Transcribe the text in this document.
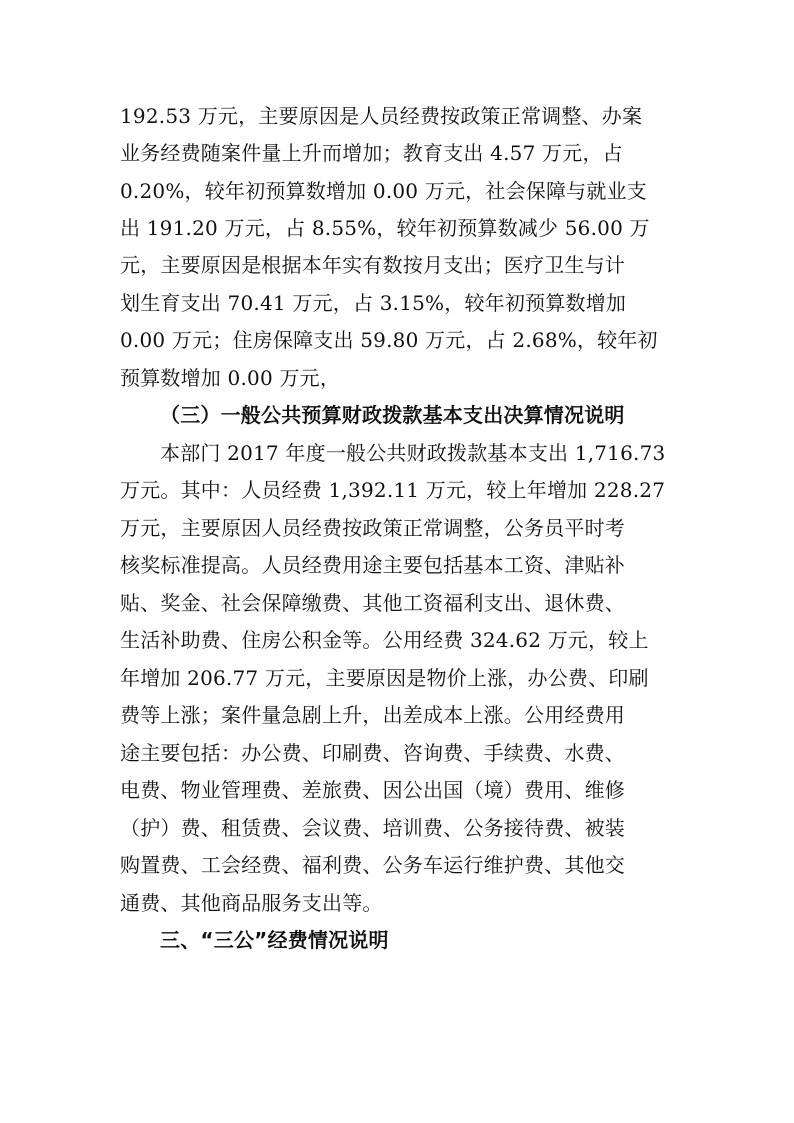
192.53 万元，主要原因是人员经费按政策正常调整、办案
业务经费随案件量上升而增加；教育支出 4.57 万元，占
0.20%，较年初预算数增加 0.00 万元，社会保障与就业支
出 191.20 万元，占 8.55%，较年初预算数减少 56.00 万
元，主要原因是根据本年实有数按月支出；医疗卫生与计
划生育支出 70.41 万元，占 3.15%，较年初预算数增加
0.00 万元；住房保障支出 59.80 万元，占 2.68%，较年初
预算数增加 0.00 万元，
（三）一般公共预算财政拨款基本支出决算情况说明
本部门 2017 年度一般公共财政拨款基本支出 1,716.73
万元。其中：人员经费 1,392.11 万元，较上年增加 228.27
万元，主要原因人员经费按政策正常调整，公务员平时考
核奖标准提高。人员经费用途主要包括基本工资、津贴补
贴、奖金、社会保障缴费、其他工资福利支出、退休费、
生活补助费、住房公积金等。公用经费 324.62 万元，较上
年增加 206.77 万元，主要原因是物价上涨，办公费、印刷
费等上涨；案件量急剧上升，出差成本上涨。公用经费用
途主要包括：办公费、印刷费、咨询费、手续费、水费、
电费、物业管理费、差旅费、因公出国（境）费用、维修
（护）费、租赁费、会议费、培训费、公务接待费、被装
购置费、工会经费、福利费、公务车运行维护费、其他交
通费、其他商品服务支出等。
三、“三公”经费情况说明
